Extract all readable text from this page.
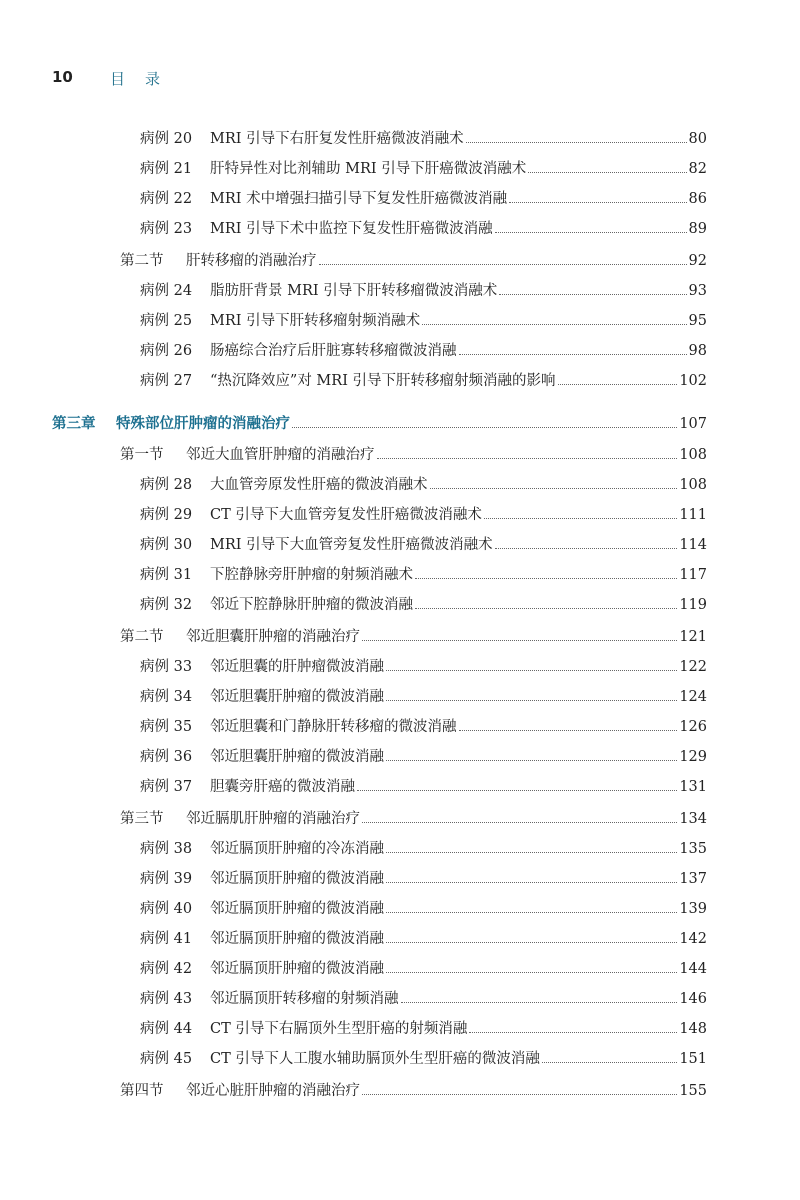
10 目录
病例 20	MRI 引导下右肝复发性肝癌微波消融术	80
病例 21	肝特异性对比剂辅助 MRI 引导下肝癌微波消融术	82
病例 22	MRI 术中增强扫描引导下复发性肝癌微波消融	86
病例 23	MRI 引导下术中监控下复发性肝癌微波消融	89
第二节	肝转移瘤的消融治疗	92
病例 24	脂肪肝背景 MRI 引导下肝转移瘤微波消融术	93
病例 25	MRI 引导下肝转移瘤射频消融术	95
病例 26	肠癌综合治疗后肝脏寡转移瘤微波消融	98
病例 27	“热沉降效应”对 MRI 引导下肝转移瘤射频消融的影响	102
第三章	特殊部位肝肿瘤的消融治疗	107
第一节	邻近大血管肝肿瘤的消融治疗	108
病例 28	大血管旁原发性肝癌的微波消融术	108
病例 29	CT 引导下大血管旁复发性肝癌微波消融术	111
病例 30	MRI 引导下大血管旁复发性肝癌微波消融术	114
病例 31	下腔静脉旁肝肿瘤的射频消融术	117
病例 32	邻近下腔静脉肝肿瘤的微波消融	119
第二节	邻近胆囊肝肿瘤的消融治疗	121
病例 33	邻近胆囊的肝肿瘤微波消融	122
病例 34	邻近胆囊肝肿瘤的微波消融	124
病例 35	邻近胆囊和门静脉肝转移瘤的微波消融	126
病例 36	邻近胆囊肝肿瘤的微波消融	129
病例 37	胆囊旁肝癌的微波消融	131
第三节	邻近膈肌肝肿瘤的消融治疗	134
病例 38	邻近膈顶肝肿瘤的冷冻消融	135
病例 39	邻近膈顶肝肿瘤的微波消融	137
病例 40	邻近膈顶肝肿瘤的微波消融	139
病例 41	邻近膈顶肝肿瘤的微波消融	142
病例 42	邻近膈顶肝肿瘤的微波消融	144
病例 43	邻近膈顶肝转移瘤的射频消融	146
病例 44	CT 引导下右膈顶外生型肝癌的射频消融	148
病例 45	CT 引导下人工腹水辅助膈顶外生型肝癌的微波消融	151
第四节	邻近心脏肝肿瘤的消融治疗	155
